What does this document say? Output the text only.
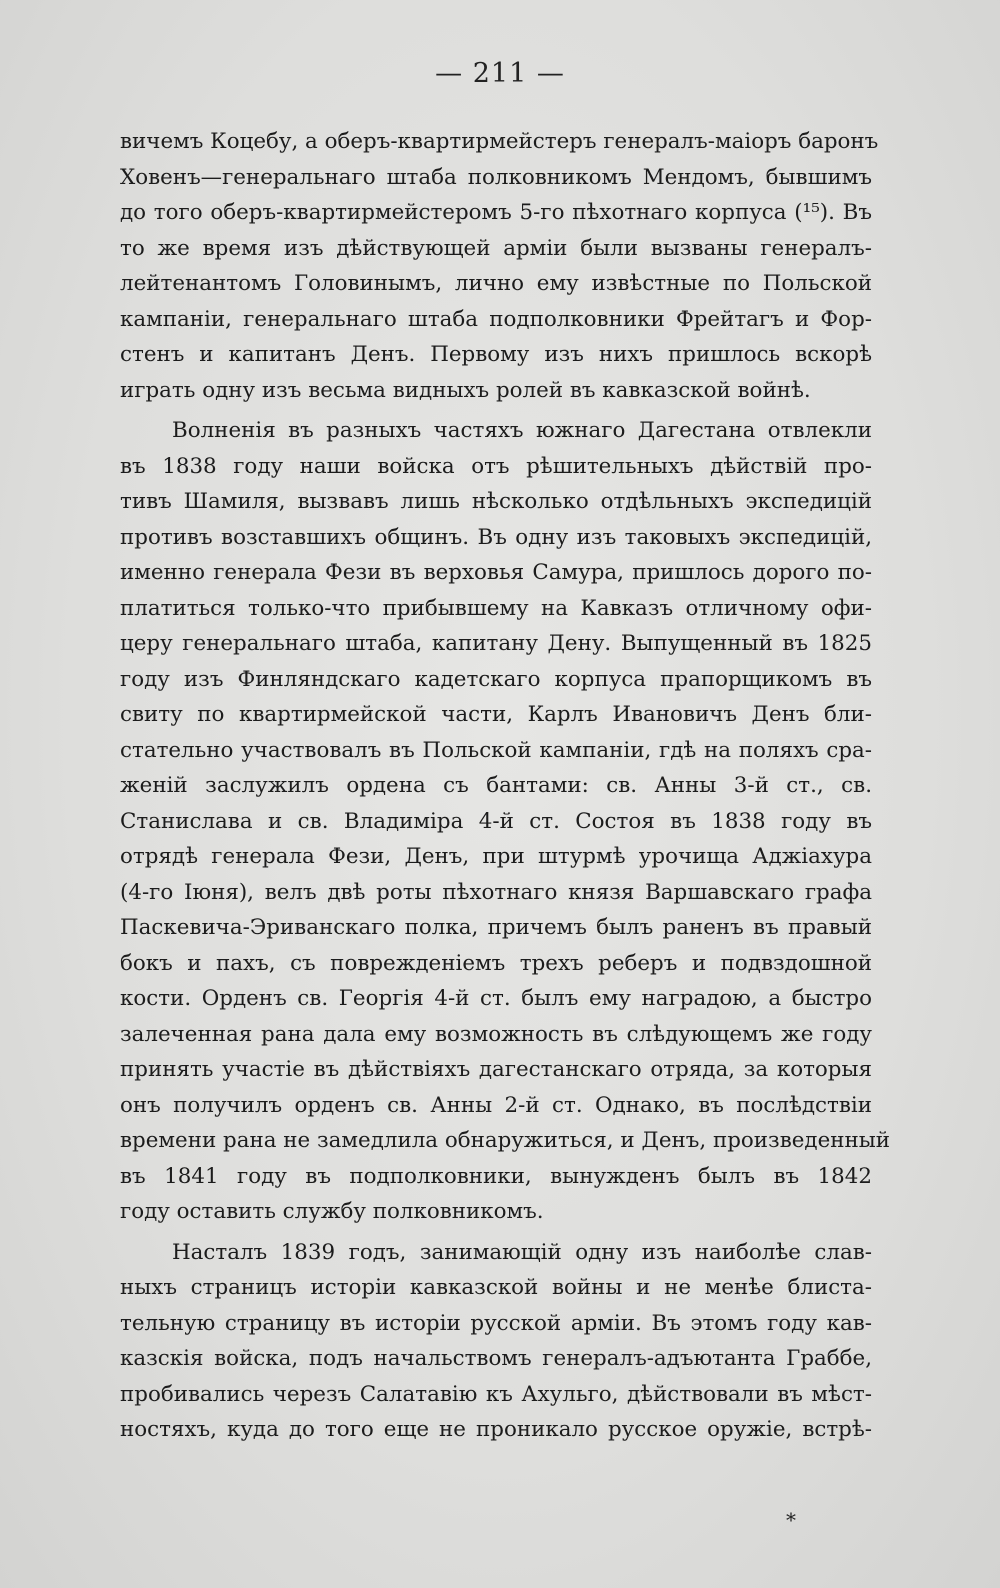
— 211 —
вичемъ Коцебу, а оберъ-квартирмейстеръ генералъ-маіоръ баронъ
Ховенъ—генеральнаго штаба полковникомъ Мендомъ, бывшимъ
до того оберъ-квартирмейстеромъ 5-го пѣхотнаго корпуса (¹⁵). Въ
то же время изъ дѣйствующей арміи были вызваны генералъ-
лейтенантомъ Головинымъ, лично ему извѣстные по Польской
кампаніи, генеральнаго штаба подполковники Фрейтагъ и Фор-
стенъ и капитанъ Денъ. Первому изъ нихъ пришлось вскорѣ
играть одну изъ весьма видныхъ ролей въ кавказской войнѣ.
Волненія въ разныхъ частяхъ южнаго Дагестана отвлекли
въ 1838 году наши войска отъ рѣшительныхъ дѣйствій про-
тивъ Шамиля, вызвавъ лишь нѣсколько отдѣльныхъ экспедицій
противъ возставшихъ общинъ. Въ одну изъ таковыхъ экспедицій,
именно генерала Фези въ верховья Самура, пришлось дорого по-
платиться только-что прибывшему на Кавказъ отличному офи-
церу генеральнаго штаба, капитану Дену. Выпущенный въ 1825
году изъ Финляндскаго кадетскаго корпуса прапорщикомъ въ
свиту по квартирмейской части, Карлъ Ивановичъ Денъ бли-
стательно участвовалъ въ Польской кампаніи, гдѣ на поляхъ сра-
женій заслужилъ ордена съ бантами: св. Анны 3-й ст., св.
Станислава и св. Владиміра 4-й ст. Состоя въ 1838 году въ
отрядѣ генерала Фези, Денъ, при штурмѣ урочища Аджіахура
(4-го Іюня), велъ двѣ роты пѣхотнаго князя Варшавскаго графа
Паскевича-Эриванскаго полка, причемъ былъ раненъ въ правый
бокъ и пахъ, съ поврежденіемъ трехъ реберъ и подвздошной
кости. Орденъ св. Георгія 4-й ст. былъ ему наградою, а быстро
залеченная рана дала ему возможность въ слѣдующемъ же году
принять участіе въ дѣйствіяхъ дагестанскаго отряда, за которыя
онъ получилъ орденъ св. Анны 2-й ст. Однако, въ послѣдствіи
времени рана не замедлила обнаружиться, и Денъ, произведенный
въ 1841 году въ подполковники, вынужденъ былъ въ 1842
году оставить службу полковникомъ.
Настaлъ 1839 годъ, занимающій одну изъ наиболѣе слав-
ныхъ страницъ исторіи кавказской войны и не менѣе блиста-
тельную страницу въ исторіи русской арміи. Въ этомъ году кав-
казскія войска, подъ начальствомъ генералъ-адъютанта Граббе,
пробивались черезъ Салатавію къ Ахульго, дѣйствовали въ мѣст-
ностяхъ, куда до того еще не проникало русское оружіе, встрѣ-
*
